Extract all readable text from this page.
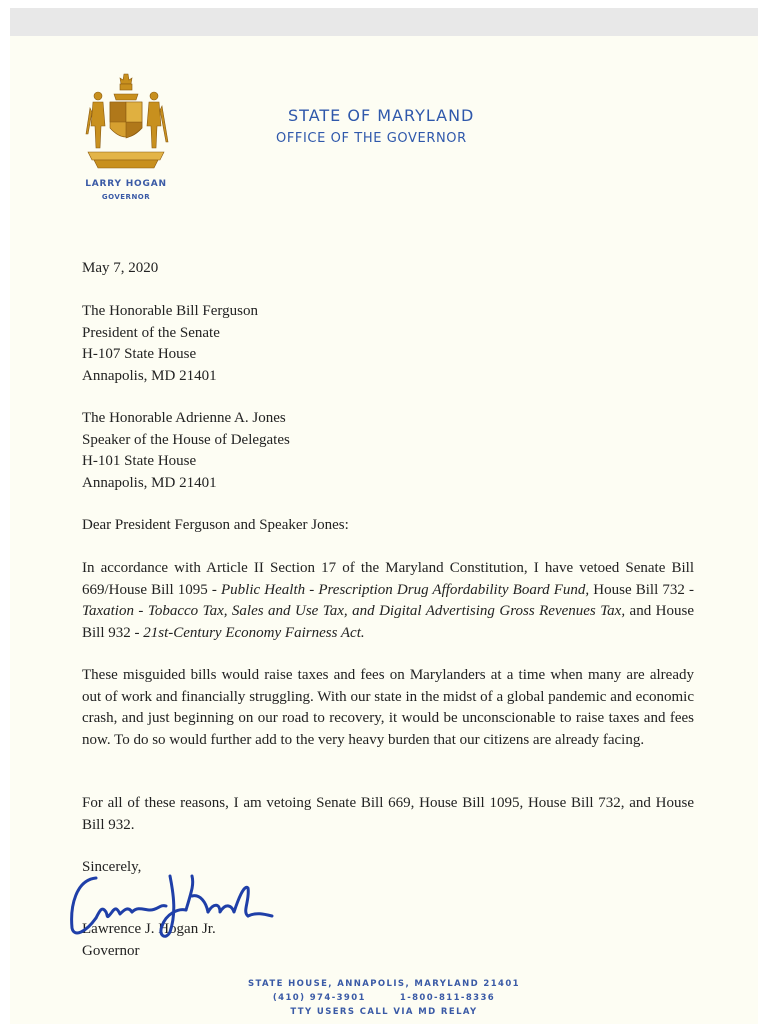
LARRY HOGAN
GOVERNOR
STATE OF MARYLAND
OFFICE OF THE GOVERNOR
May 7, 2020
The Honorable Bill Ferguson
President of the Senate
H-107 State House
Annapolis, MD 21401
The Honorable Adrienne A. Jones
Speaker of the House of Delegates
H-101 State House
Annapolis, MD 21401
Dear President Ferguson and Speaker Jones:
In accordance with Article II Section 17 of the Maryland Constitution, I have vetoed Senate Bill 669/House Bill 1095 - Public Health - Prescription Drug Affordability Board Fund, House Bill 732 - Taxation - Tobacco Tax, Sales and Use Tax, and Digital Advertising Gross Revenues Tax, and House Bill 932 - 21st-Century Economy Fairness Act.
These misguided bills would raise taxes and fees on Marylanders at a time when many are already out of work and financially struggling. With our state in the midst of a global pandemic and economic crash, and just beginning on our road to recovery, it would be unconscionable to raise taxes and fees now. To do so would further add to the very heavy burden that our citizens are already facing.
For all of these reasons, I am vetoing Senate Bill 669, House Bill 1095, House Bill 732, and House Bill 932.
Sincerely,
Lawrence J. Hogan Jr.
Governor
STATE HOUSE, ANNAPOLIS, MARYLAND 21401
(410) 974-3901	1-800-811-8336
TTY USERS CALL VIA MD RELAY
